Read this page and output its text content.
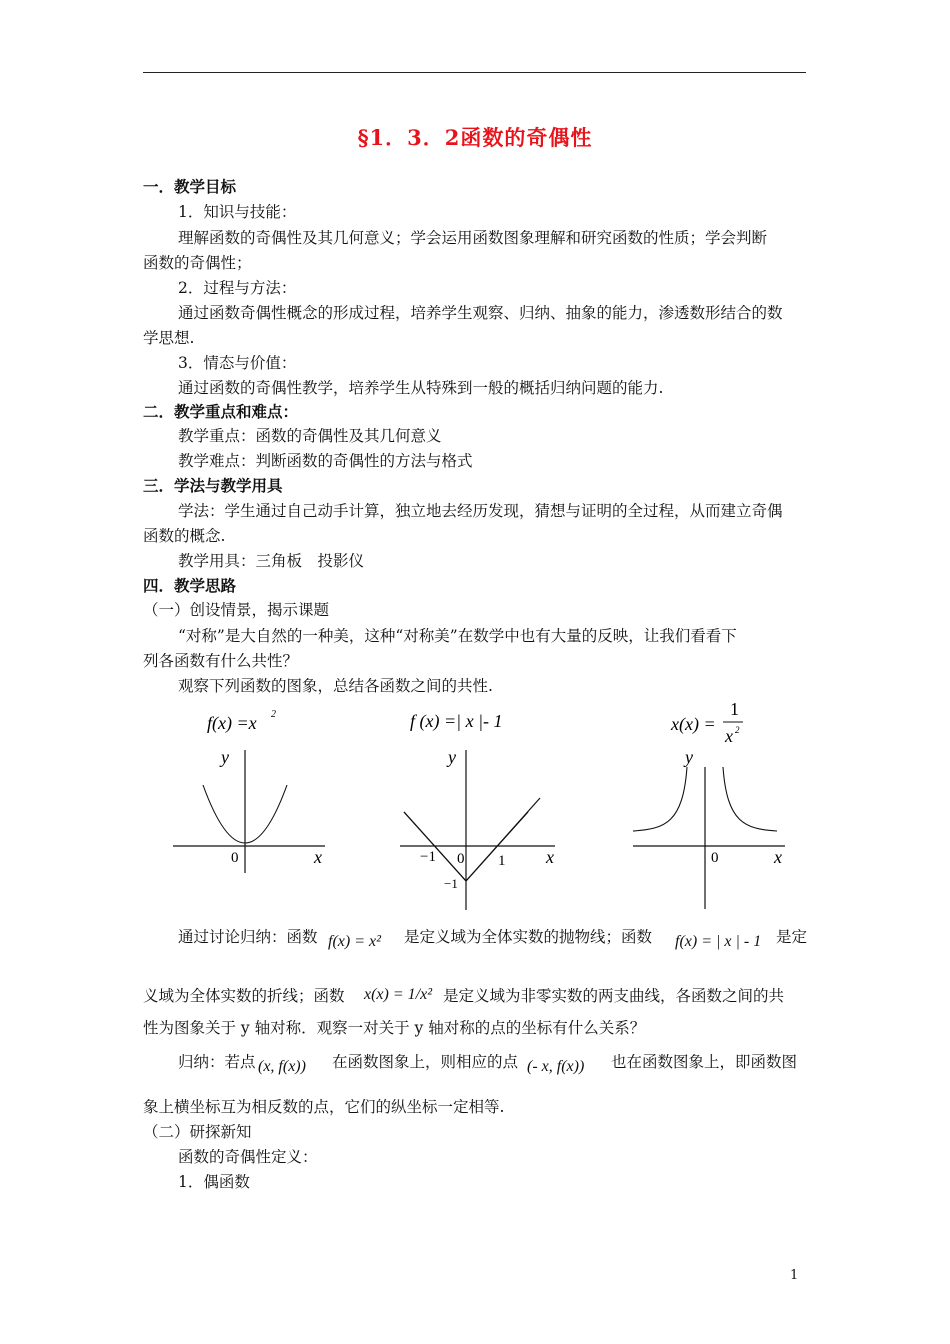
§1．3．2函数的奇偶性
一．教学目标
1．知识与技能：
理解函数的奇偶性及其几何意义；学会运用函数图象理解和研究函数的性质；学会判断
函数的奇偶性；
2．过程与方法：
通过函数奇偶性概念的形成过程，培养学生观察、归纳、抽象的能力，渗透数形结合的数
学思想.
3．情态与价值：
通过函数的奇偶性教学，培养学生从特殊到一般的概括归纳问题的能力.
二．教学重点和难点：
教学重点：函数的奇偶性及其几何意义
教学难点：判断函数的奇偶性的方法与格式
三．学法与教学用具
学法：学生通过自己动手计算，独立地去经历发现，猜想与证明的全过程，从而建立奇偶
函数的概念.
教学用具：三角板　投影仪
四．教学思路
（一）创设情景，揭示课题
“对称”是大自然的一种美，这种“对称美”在数学中也有大量的反映，让我们看看下
列各函数有什么共性？
观察下列函数的图象，总结各函数之间的共性.
f(x) =x 2
y
x
0
f (x) =| x |- 1
y
x
0
−1	1
−1
x(x) =
1
x 2
y
x
0
通过讨论归纳：函数 f(x) = x² 是定义域为全体实数的抛物线；函数 f(x) = | x | - 1 是定
义域为全体实数的折线；函数 x(x) = 1/x² 是定义域为非零实数的两支曲线，各函数之间的共
性为图象关于 y 轴对称．观察一对关于 y 轴对称的点的坐标有什么关系？
归纳：若点 (x, f(x)) 在函数图象上，则相应的点 (- x, f(x)) 也在函数图象上，即函数图
象上横坐标互为相反数的点，它们的纵坐标一定相等.
（二）研探新知
函数的奇偶性定义：
1．偶函数
1
